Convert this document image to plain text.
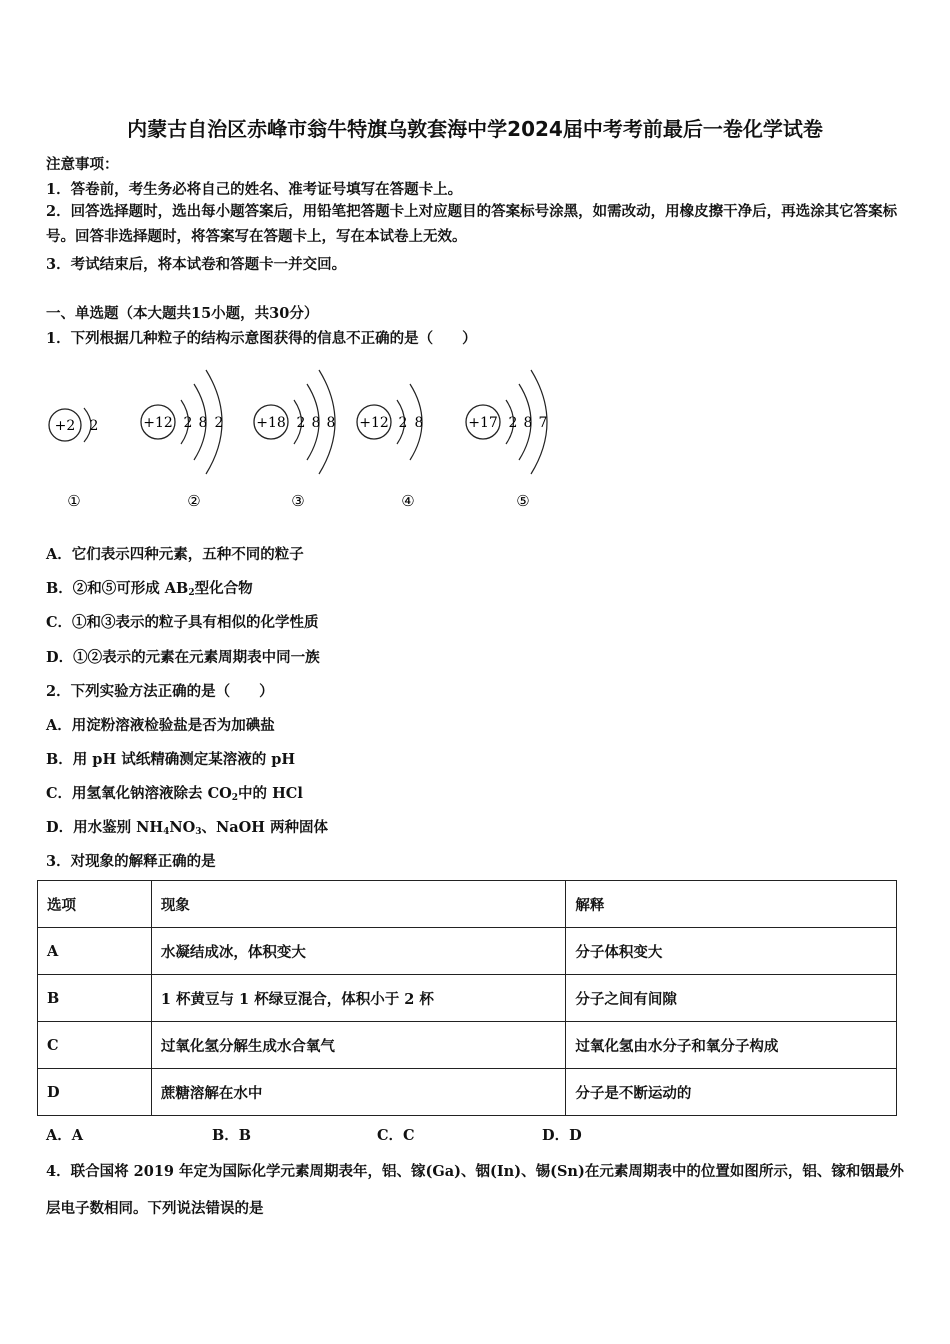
内蒙古自治区赤峰市翁牛特旗乌敦套海中学2024届中考考前最后一卷化学试卷
注意事项：
1．答卷前，考生务必将自己的姓名、准考证号填写在答题卡上。
2．回答选择题时，选出每小题答案后，用铅笔把答题卡上对应题目的答案标号涂黑，如需改动，用橡皮擦干净后，再选涂其它答案标号。回答非选择题时，将答案写在答题卡上，写在本试卷上无效。
3．考试结束后，将本试卷和答题卡一并交回。
一、单选题（本大题共15小题，共30分）
1．下列根据几种粒子的结构示意图获得的信息不正确的是（　　）
+2 2
①
+12 2 8 2
②
+18 2 8 8
③
+12 2 8
④
+17 2 8 7
⑤
A．它们表示四种元素，五种不同的粒子
B．②和⑤可形成 $AB_2$型化合物
C．①和③表示的粒子具有相似的化学性质
D．①②表示的元素在元素周期表中同一族
2．下列实验方法正确的是（　　）
A．用淀粉溶液检验盐是否为加碘盐
B．用 pH 试纸精确测定某溶液的 pH
C．用氢氧化钠溶液除去 $CO_2$中的 HCl
D．用水鉴别 $NH_4NO_3$、NaOH 两种固体
3．对现象的解释正确的是
选项	现象	解释
A	水凝结成冰，体积变大	分子体积变大
B	1 杯黄豆与 1 杯绿豆混合，体积小于 2 杯	分子之间有间隙
C	过氧化氢分解生成水合氧气	过氧化氢由水分子和氧分子构成
D	蔗糖溶解在水中	分子是不断运动的
A．A	B．B	C．C	D．D
4．联合国将 2019 年定为国际化学元素周期表年，铝、镓(Ga)、铟(In)、锡(Sn)在元素周期表中的位置如图所示，铝、镓和铟最外层电子数相同。下列说法错误的是
